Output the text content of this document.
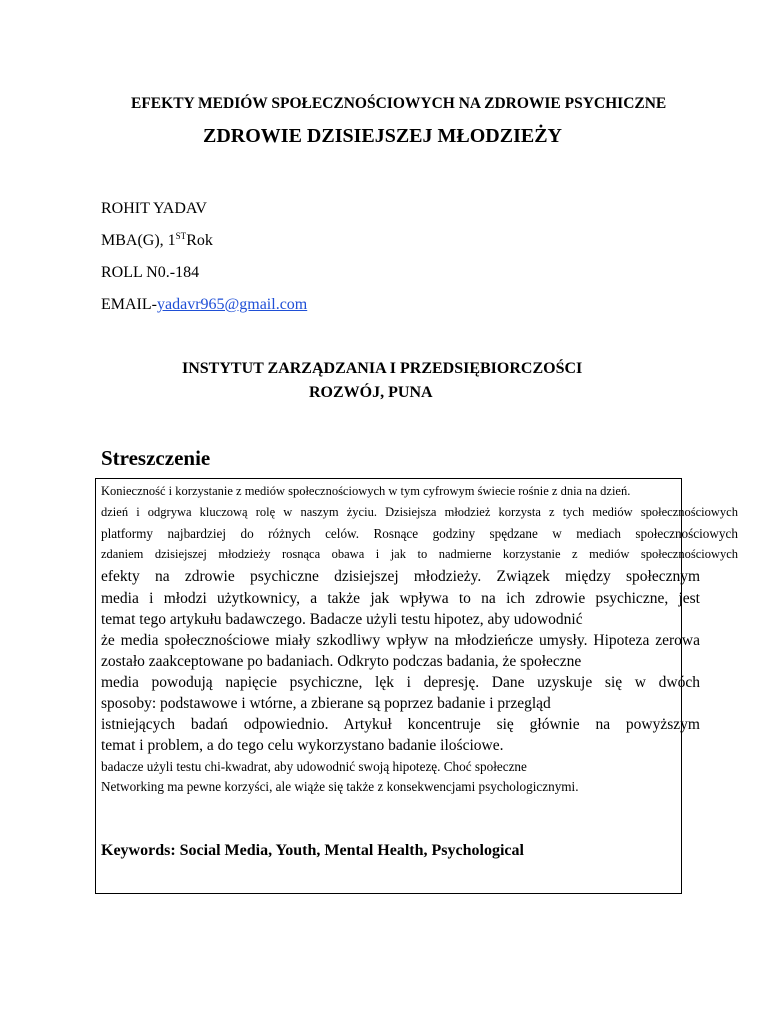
EFEKTY MEDIÓW SPOŁECZNOŚCIOWYCH NA ZDROWIE PSYCHICZNE
ZDROWIE DZISIEJSZEJ MŁODZIEŻY
ROHIT YADAV
MBA(G), 1STRok
ROLL N0.-184
EMAIL-yadavr965@gmail.com
INSTYTUT ZARZĄDZANIA I PRZEDSIĘBIORCZOŚCI
ROZWÓJ, PUNA
Streszczenie
Konieczność i korzystanie z mediów społecznościowych w tym cyfrowym świecie rośnie z dnia na dzień.
dzień i odgrywa kluczową rolę w naszym życiu. Dzisiejsza młodzież korzysta z tych mediów społecznościowych
platformy najbardziej do różnych celów. Rosnące godziny spędzane w mediach społecznościowych
zdaniem dzisiejszej młodzieży rosnąca obawa i jak to nadmierne korzystanie z mediów społecznościowych
efekty na zdrowie psychiczne dzisiejszej młodzieży. Związek między społecznym
media i młodzi użytkownicy, a także jak wpływa to na ich zdrowie psychiczne, jest
temat tego artykułu badawczego. Badacze użyli testu hipotez, aby udowodnić
że media społecznościowe miały szkodliwy wpływ na młodzieńcze umysły. Hipoteza zerowa
zostało zaakceptowane po badaniach. Odkryto podczas badania, że społeczne
media powodują napięcie psychiczne, lęk i depresję. Dane uzyskuje się w dwóch
sposoby: podstawowe i wtórne, a zbierane są poprzez badanie i przegląd
istniejących badań odpowiednio. Artykuł koncentruje się głównie na powyższym
temat i problem, a do tego celu wykorzystano badanie ilościowe.
badacze użyli testu chi-kwadrat, aby udowodnić swoją hipotezę. Choć społeczne
Networking ma pewne korzyści, ale wiąże się także z konsekwencjami psychologicznymi.
Keywords: Social Media, Youth, Mental Health, Psychological
